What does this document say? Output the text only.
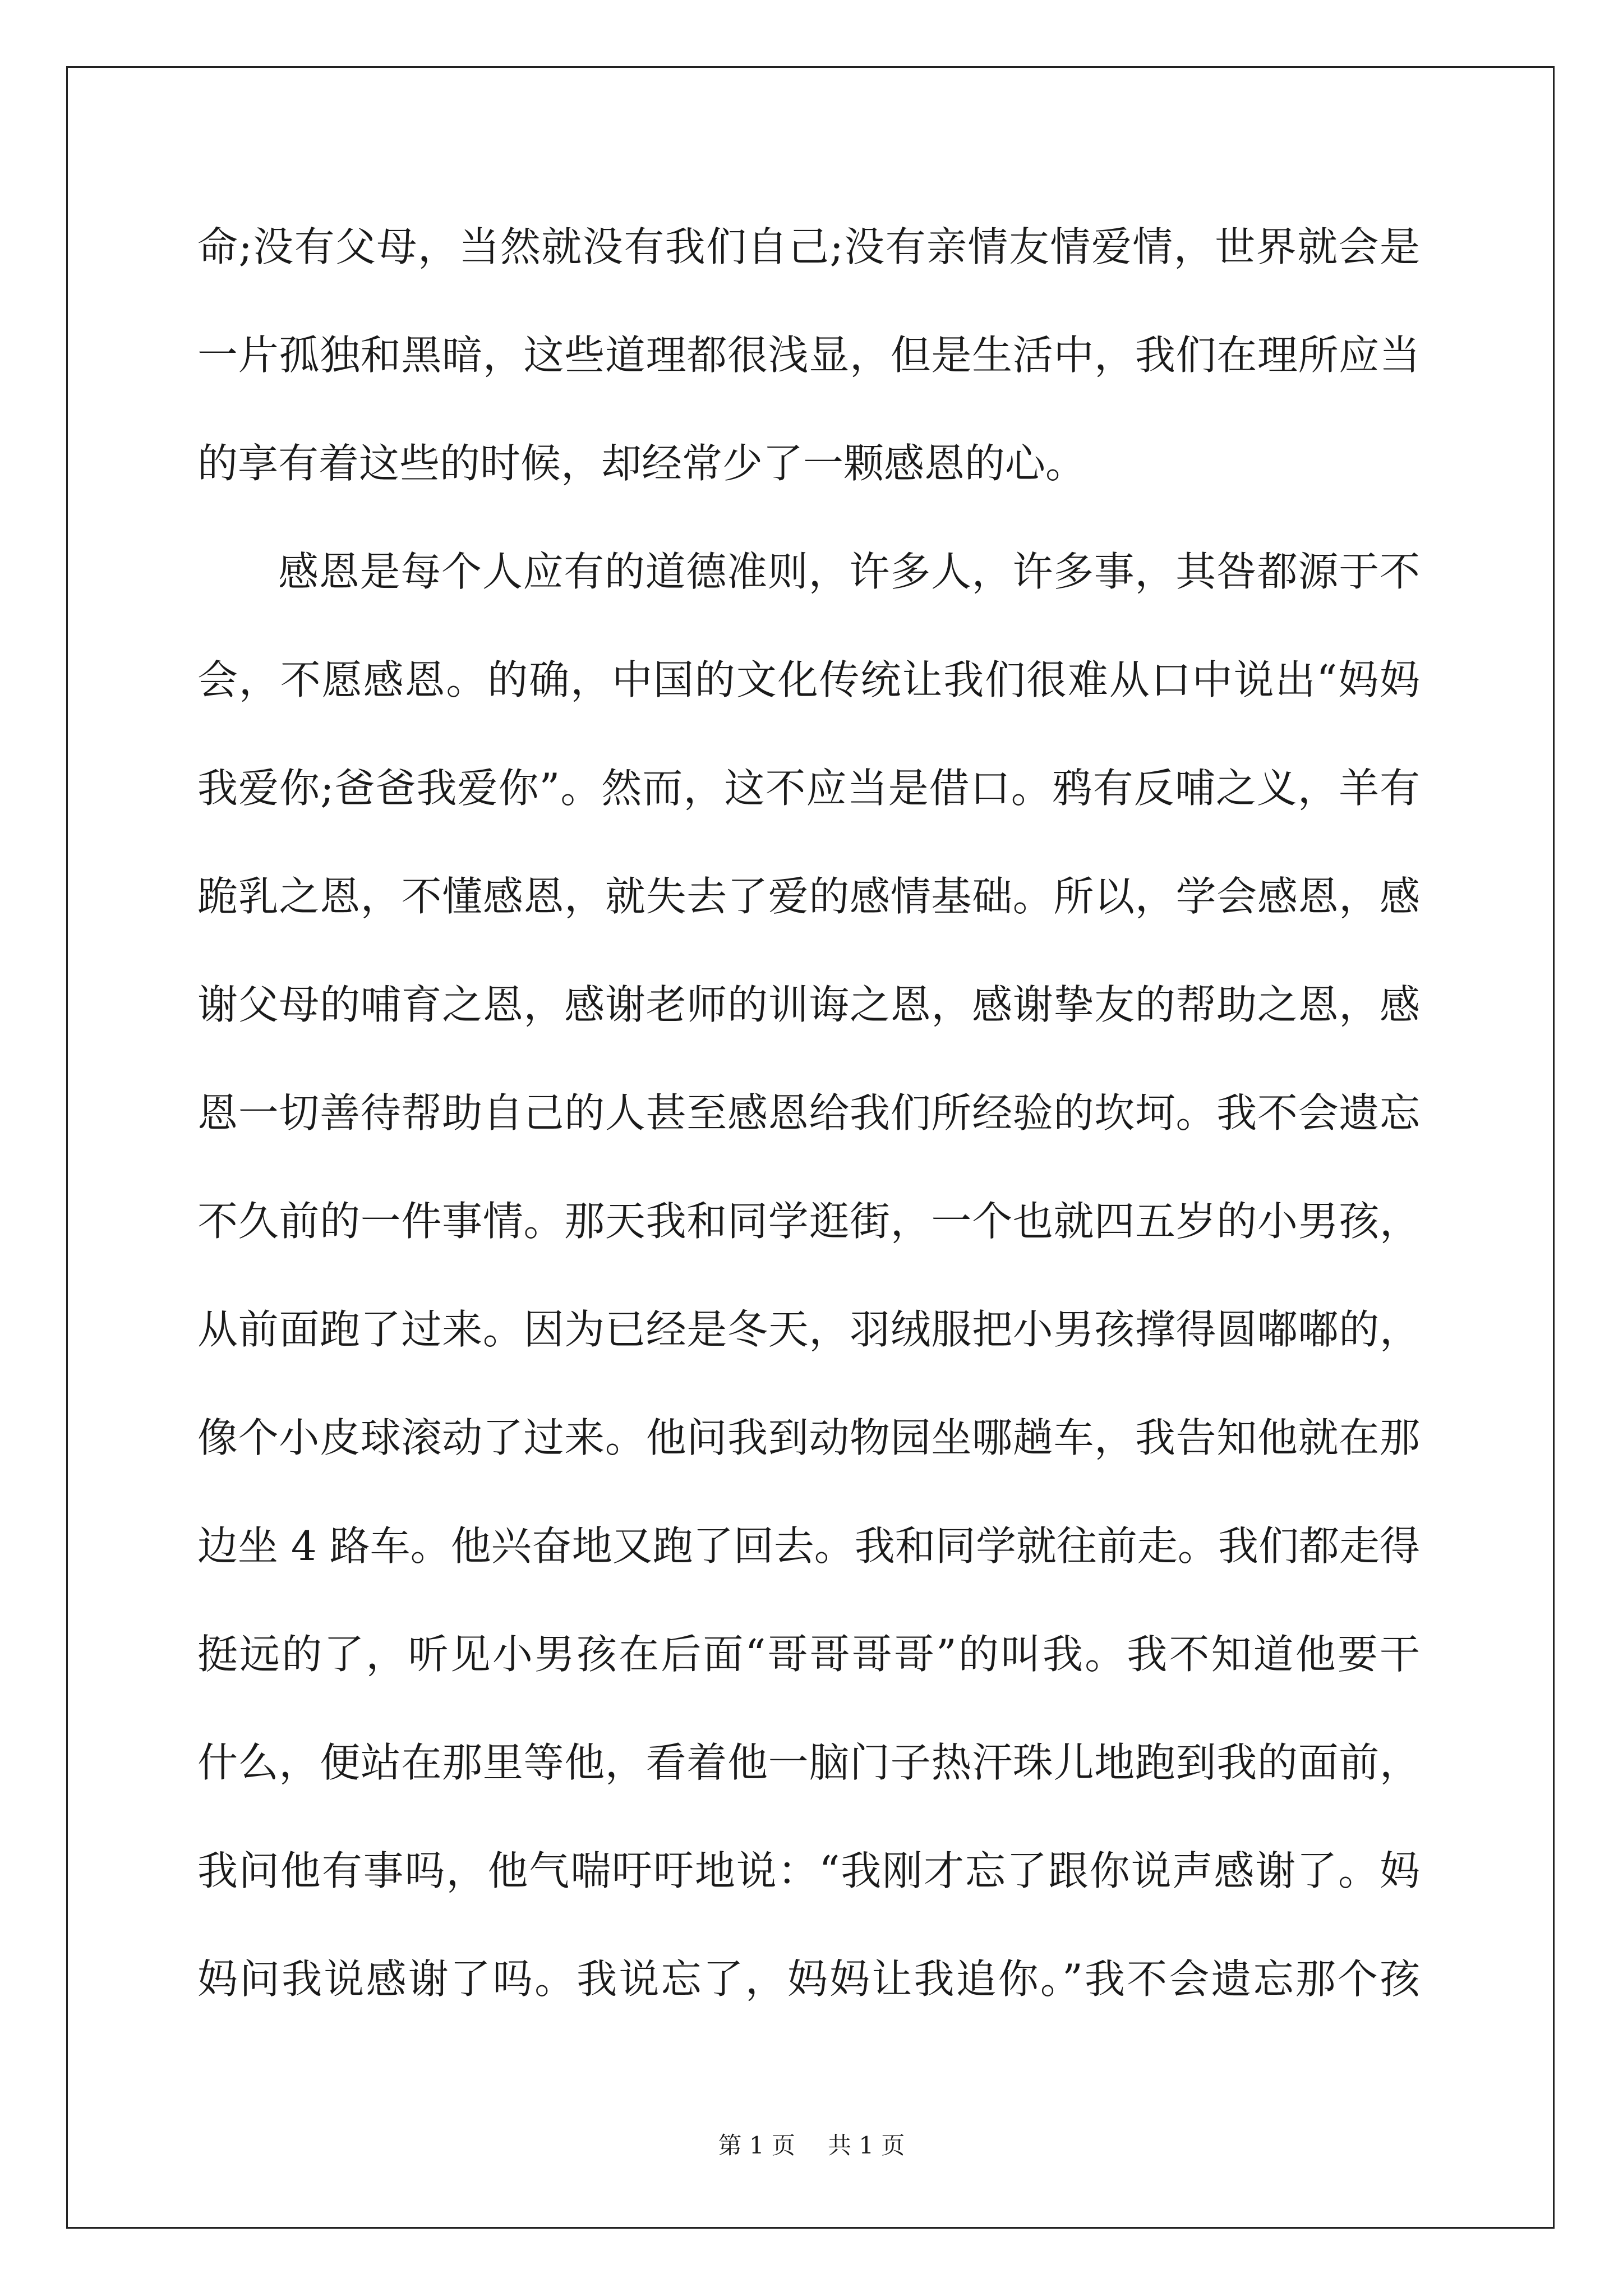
命;没有父母，当然就没有我们自己;没有亲情友情爱情，世界就会是
一片孤独和黑暗，这些道理都很浅显，但是生活中，我们在理所应当
的享有着这些的时候，却经常少了一颗感恩的心。
感恩是每个人应有的道德准则，许多人，许多事，其咎都源于不
会，不愿感恩。的确，中国的文化传统让我们很难从口中说出“妈妈
我爱你;爸爸我爱你”。然而，这不应当是借口。鸦有反哺之义，羊有
跪乳之恩，不懂感恩，就失去了爱的感情基础。所以，学会感恩，感
谢父母的哺育之恩，感谢老师的训诲之恩，感谢挚友的帮助之恩，感
恩一切善待帮助自己的人甚至感恩给我们所经验的坎坷。我不会遗忘
不久前的一件事情。那天我和同学逛街，一个也就四五岁的小男孩，
从前面跑了过来。因为已经是冬天，羽绒服把小男孩撑得圆嘟嘟的，
像个小皮球滚动了过来。他问我到动物园坐哪趟车，我告知他就在那
边坐 4 路车。他兴奋地又跑了回去。我和同学就往前走。我们都走得
挺远的了，听见小男孩在后面“哥哥哥哥”的叫我。我不知道他要干
什么，便站在那里等他，看着他一脑门子热汗珠儿地跑到我的面前，
我问他有事吗，他气喘吁吁地说：“我刚才忘了跟你说声感谢了。妈
妈问我说感谢了吗。我说忘了，妈妈让我追你。”我不会遗忘那个孩
第 1 页 共 1 页
